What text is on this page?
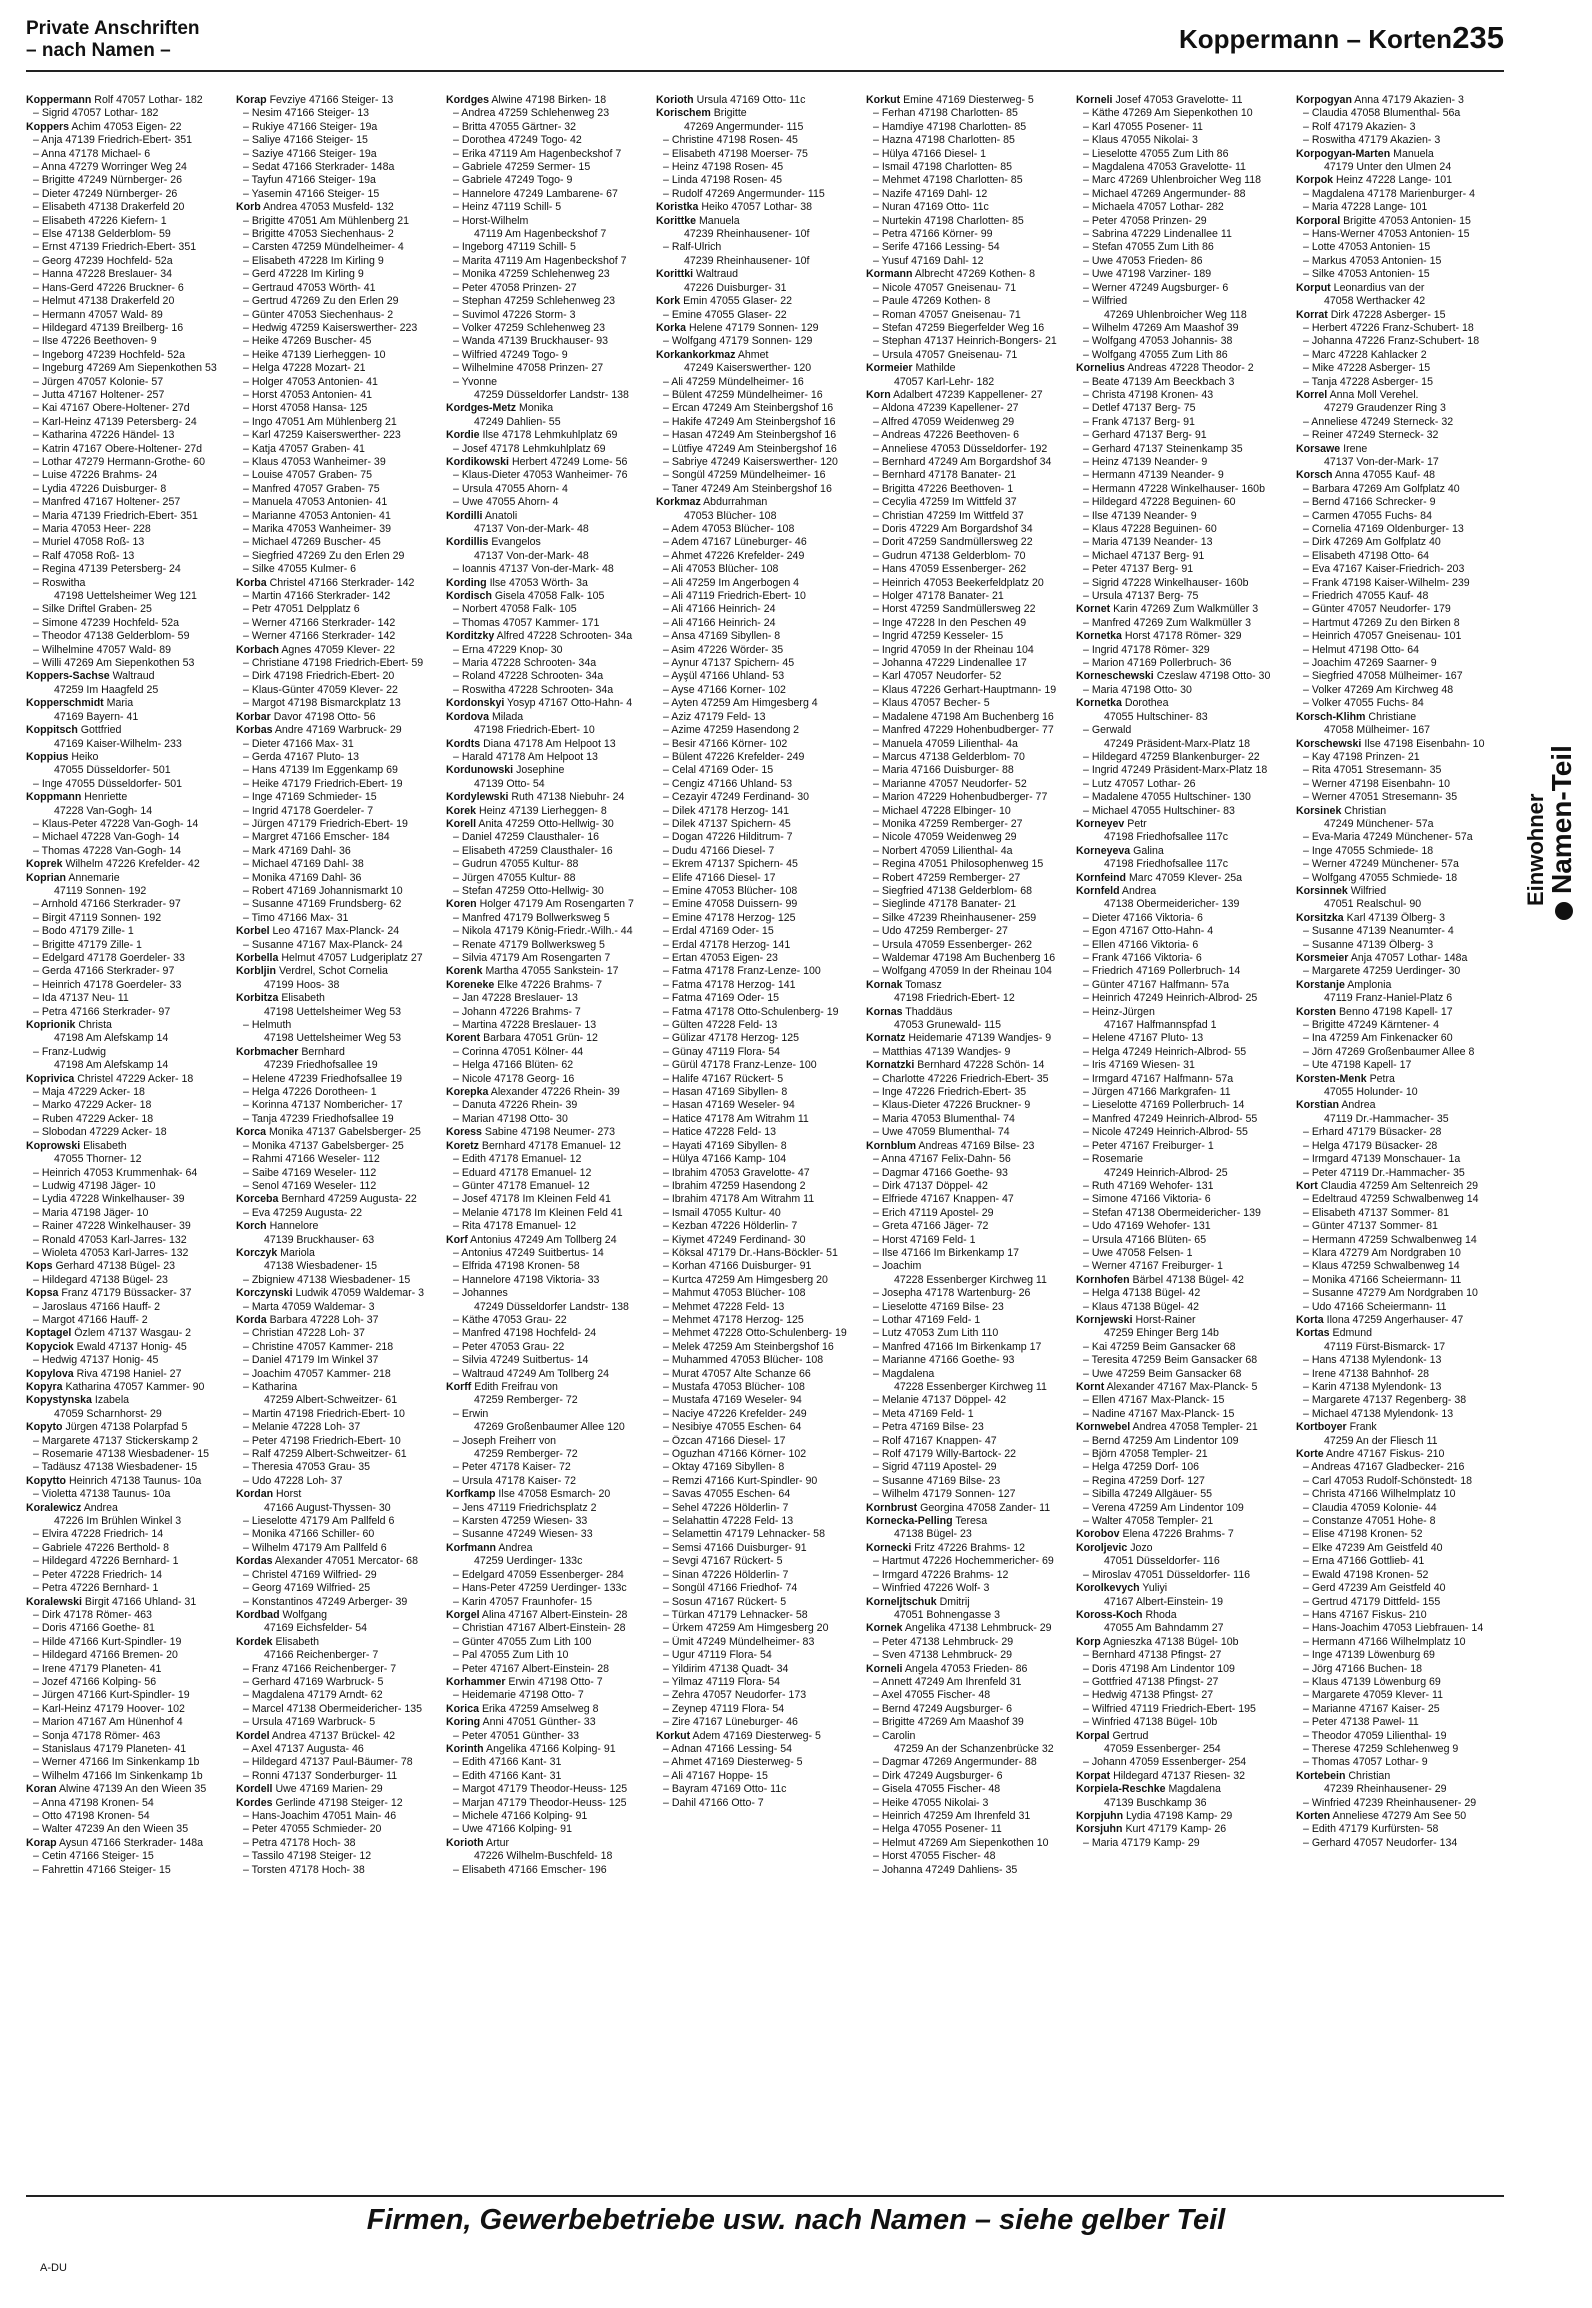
Private Anschriften
– nach Namen –	Koppermann – Korten 235
Koppermann Rolf 47057 Lothar- 182
– Sigrid 47057 Lothar- 182
Koppers Achim 47053 Eigen- 22
– Anja 47139 Friedrich-Ebert- 351
– Anna 47178 Michael- 6
– Anna 47279 Worringer Weg 24
– Brigitte 47249 Nürnberger- 26
– Dieter 47249 Nürnberger- 26
– Elisabeth 47138 Drakerfeld 20
– Elisabeth 47226 Kiefern- 1
– Else 47138 Gelderblom- 59
– Ernst 47139 Friedrich-Ebert- 351
– Georg 47239 Hochfeld- 52a
– Hanna 47228 Breslauer- 34
– Hans-Gerd 47226 Bruckner- 6
– Helmut 47138 Drakerfeld 20
– Hermann 47057 Wald- 89
– Hildegard 47139 Breilberg- 16
– Ilse 47226 Beethoven- 9
– Ingeborg 47239 Hochfeld- 52a
– Ingeburg 47269 Am Siepenkothen 53
– Jürgen 47057 Kolonie- 57
– Jutta 47167 Holtener- 257
– Kai 47167 Obere-Holtener- 27d
– Karl-Heinz 47139 Petersberg- 24
– Katharina 47226 Händel- 13
– Katrin 47167 Obere-Holtener- 27d
– Lothar 47279 Hermann-Grothe- 60
– Luise 47226 Brahms- 24
– Lydia 47226 Duisburger- 8
– Manfred 47167 Holtener- 257
– Maria 47139 Friedrich-Ebert- 351
– Maria 47053 Heer- 228
– Muriel 47058 Roß- 13
– Ralf 47058 Roß- 13
– Regina 47139 Petersberg- 24
– Roswitha
47198 Uettelsheimer Weg 121
– Silke Driftel Graben- 25
– Simone 47239 Hochfeld- 52a
– Theodor 47138 Gelderblom- 59
– Wilhelmine 47057 Wald- 89
– Willi 47269 Am Siepenkothen 53
Koppers-Sachse Waltraud
47259 Im Haagfeld 25
Kopperschmidt Maria
47169 Bayern- 41
Koppitsch Gottfried
47169 Kaiser-Wilhelm- 233
Koppius Heiko
47055 Düsseldorfer- 501
– Inge 47055 Düsseldorfer- 501
Koppmann Henriette
47228 Van-Gogh- 14
– Klaus-Peter 47228 Van-Gogh- 14
– Michael 47228 Van-Gogh- 14
– Thomas 47228 Van-Gogh- 14
Koprek Wilhelm 47226 Krefelder- 42
Koprian Annemarie
47119 Sonnen- 192
– Arnhold 47166 Sterkrader- 97
– Birgit 47119 Sonnen- 192
– Bodo 47179 Zille- 1
– Brigitte 47179 Zille- 1
– Edelgard 47178 Goerdeler- 33
– Gerda 47166 Sterkrader- 97
– Heinrich 47178 Goerdeler- 33
– Ida 47137 Neu- 11
– Petra 47166 Sterkrader- 97
Koprionik Christa
47198 Am Alefskamp 14
– Franz-Ludwig
47198 Am Alefskamp 14
Koprivica Christel 47229 Acker- 18
– Maja 47229 Acker- 18
– Marko 47229 Acker- 18
– Ruben 47229 Acker- 18
– Slobodan 47229 Acker- 18
Koprowski Elisabeth
47055 Thorner- 12
– Heinrich 47053 Krummenhak- 64
– Ludwig 47198 Jäger- 10
– Lydia 47228 Winkelhauser- 39
– Maria 47198 Jäger- 10
– Rainer 47228 Winkelhauser- 39
– Ronald 47053 Karl-Jarres- 132
– Wioleta 47053 Karl-Jarres- 132
Kops Gerhard 47138 Bügel- 23
– Hildegard 47138 Bügel- 23
Kopsa Franz 47179 Büssacker- 37
– Jaroslaus 47166 Hauff- 2
– Margot 47166 Hauff- 2
Koptagel Özlem 47137 Wasgau- 2
Kopyciok Ewald 47137 Honig- 45
– Hedwig 47137 Honig- 45
Kopylova Riva 47198 Haniel- 27
Kopyra Katharina 47057 Kammer- 90
Kopystynska Izabela
47059 Scharnhorst- 29
Kopyto Jürgen 47138 Polarpfad 5
– Margarete 47137 Stickerskamp 2
– Rosemarie 47138 Wiesbadener- 15
– Tadäusz 47138 Wiesbadener- 15
Kopytto Heinrich 47138 Taunus- 10a
– Violetta 47138 Taunus- 10a
Koralewicz Andrea
47226 Im Brühlen Winkel 3
– Elvira 47228 Friedrich- 14
– Gabriele 47226 Berthold- 8
– Hildegard 47226 Bernhard- 1
– Peter 47228 Friedrich- 14
– Petra 47226 Bernhard- 1
Koralewski Birgit 47166 Uhland- 31
– Dirk 47178 Römer- 463
– Doris 47166 Goethe- 81
– Hilde 47166 Kurt-Spindler- 19
– Hildegard 47166 Bremen- 20
– Irene 47179 Planeten- 41
– Jozef 47166 Kolping- 56
– Jürgen 47166 Kurt-Spindler- 19
– Karl-Heinz 47179 Hoover- 102
– Marion 47167 Am Hünenhof 4
– Sonja 47178 Römer- 463
– Stanislaus 47179 Planeten- 41
– Werner 47166 Im Sinkenkamp 1b
– Wilhelm 47166 Im Sinkenkamp 1b
Koran Alwine 47139 An den Wieen 35
– Anna 47198 Kronen- 54
– Otto 47198 Kronen- 54
– Walter 47239 An den Wieen 35
Korap Aysun 47166 Sterkrader- 148a
– Cetin 47166 Steiger- 15
– Fahrettin 47166 Steiger- 15
Korap Fevziye 47166 Steiger- 13
– Nesim 47166 Steiger- 13
– Rukiye 47166 Steiger- 19a
– Saliye 47166 Steiger- 15
– Saziye 47166 Steiger- 19a
– Sedat 47166 Sterkrader- 148a
– Tayfun 47166 Steiger- 19a
– Yasemin 47166 Steiger- 15
Korb Andrea 47053 Musfeld- 132
– Brigitte 47051 Am Mühlenberg 21
– Brigitte 47053 Siechenhaus- 2
– Carsten 47259 Mündelheimer- 4
– Elisabeth 47228 Im Kirling 9
– Gerd 47228 Im Kirling 9
– Gertraud 47053 Wörth- 41
– Gertrud 47269 Zu den Erlen 29
– Günter 47053 Siechenhaus- 2
– Hedwig 47259 Kaiserswerther- 223
– Heike 47269 Buscher- 45
– Heike 47139 Lierheggen- 10
– Helga 47228 Mozart- 21
– Holger 47053 Antonien- 41
– Horst 47053 Antonien- 41
– Horst 47058 Hansa- 125
– Ingo 47051 Am Mühlenberg 21
– Karl 47259 Kaiserswerther- 223
– Katja 47057 Graben- 41
– Klaus 47053 Wanheimer- 39
– Louise 47057 Graben- 75
– Manfred 47057 Graben- 75
– Manuela 47053 Antonien- 41
– Marianne 47053 Antonien- 41
– Marika 47053 Wanheimer- 39
– Michael 47269 Buscher- 45
– Siegfried 47269 Zu den Erlen 29
– Silke 47055 Kulmer- 6
Korba Christel 47166 Sterkrader- 142
– Martin 47166 Sterkrader- 142
– Petr 47051 Delpplatz 6
– Werner 47166 Sterkrader- 142
– Werner 47166 Sterkrader- 142
Korbach Agnes 47059 Klever- 22
– Christiane 47198 Friedrich-Ebert- 59
– Dirk 47198 Friedrich-Ebert- 20
– Klaus-Günter 47059 Klever- 22
– Margot 47198 Bismarckplatz 13
Korbar Davor 47198 Otto- 56
Korbas Andre 47169 Warbruck- 29
– Dieter 47166 Max- 31
– Gerda 47167 Pluto- 13
– Hans 47139 Im Eggenkamp 69
– Heike 47179 Friedrich-Ebert- 19
– Inge 47169 Schmieder- 15
– Ingrid 47178 Goerdeler- 7
– Jürgen 47179 Friedrich-Ebert- 19
– Margret 47166 Emscher- 184
– Mark 47169 Dahl- 36
– Michael 47169 Dahl- 38
– Monika 47169 Dahl- 36
– Robert 47169 Johannismarkt 10
– Susanne 47169 Frundsberg- 62
– Timo 47166 Max- 31
Korbel Leo 47167 Max-Planck- 24
– Susanne 47167 Max-Planck- 24
Korbella Helmut 47057 Ludgeriplatz 27
Korbljin Verdrel, Schot Cornelia
47199 Hoos- 38
Korbitza Elisabeth
47198 Uettelsheimer Weg 53
– Helmuth
47198 Uettelsheimer Weg 53
Korbmacher Bernhard
47239 Friedhofsallee 19
– Helene 47239 Friedhofsallee 19
– Helga 47226 Dorotheen- 1
– Korinna 47137 Nombericher- 17
– Tanja 47239 Friedhofsallee 19
Korca Monika 47137 Gabelsberger- 25
– Monika 47137 Gabelsberger- 25
– Rahmi 47166 Weseler- 112
– Saibe 47169 Weseler- 112
– Senol 47169 Weseler- 112
Korceba Bernhard 47259 Augusta- 22
– Eva 47259 Augusta- 22
Korch Hannelore
47139 Bruckhauser- 63
Korczyk Mariola
47138 Wiesbadener- 15
– Zbigniew 47138 Wiesbadener- 15
Korczynski Ludwik 47059 Waldemar- 3
– Marta 47059 Waldemar- 3
Korda Barbara 47228 Loh- 37
– Christian 47228 Loh- 37
– Christine 47057 Kammer- 218
– Daniel 47179 Im Winkel 37
– Joachim 47057 Kammer- 218
– Katharina
47259 Albert-Schweitzer- 61
– Martin 47198 Friedrich-Ebert- 10
– Melanie 47228 Loh- 37
– Peter 47198 Friedrich-Ebert- 10
– Ralf 47259 Albert-Schweitzer- 61
– Theresia 47053 Grau- 35
– Udo 47228 Loh- 37
Kordan Horst
47166 August-Thyssen- 30
– Lieselotte 47179 Am Pallfeld 6
– Monika 47166 Schiller- 60
– Wilhelm 47179 Am Pallfeld 6
Kordas Alexander 47051 Mercator- 68
– Christel 47169 Wilfried- 29
– Georg 47169 Wilfried- 25
– Konstantinos 47249 Arberger- 39
Kordbad Wolfgang
47169 Eichsfelder- 54
Kordek Elisabeth
47166 Reichenberger- 7
– Franz 47166 Reichenberger- 7
– Gerhard 47169 Warbruck- 5
– Magdalena 47179 Arndt- 62
– Marcel 47138 Obermeidericher- 135
– Ursula 47169 Warbruck- 5
Kordel Andrea 47137 Brückel- 42
– Axel 47137 Augusta- 46
– Hildegard 47137 Paul-Bäumer- 78
– Ronni 47137 Sonderburger- 11
Kordell Uwe 47169 Marien- 29
Kordes Gerlinde 47198 Steiger- 12
– Hans-Joachim 47051 Main- 46
– Peter 47055 Schmieder- 20
– Petra 47178 Hoch- 38
– Tassilo 47198 Steiger- 12
– Torsten 47178 Hoch- 38
Kordges Alwine 47198 Birken- 18
– Andrea 47259 Schlehenweg 23
– Britta 47055 Gärtner- 32
– Dorothea 47249 Togo- 42
– Erika 47119 Am Hagenbeckshof 7
– Gabriele 47259 Sermer- 15
– Gabriele 47249 Togo- 9
– Hannelore 47249 Lambarene- 67
– Heinz 47119 Schill- 5
– Horst-Wilhelm
47119 Am Hagenbeckshof 7
– Ingeborg 47119 Schill- 5
– Marita 47119 Am Hagenbeckshof 7
– Monika 47259 Schlehenweg 23
– Peter 47058 Prinzen- 27
– Stephan 47259 Schlehenweg 23
– Suvimol 47226 Storm- 3
– Volker 47259 Schlehenweg 23
– Wanda 47139 Bruckhauser- 93
– Wilfried 47249 Togo- 9
– Wilhelmine 47058 Prinzen- 27
– Yvonne
47259 Düsseldorfer Landstr- 138
Kordges-Metz Monika
47249 Dahlien- 55
Kordie Ilse 47178 Lehmkuhlplatz 69
– Josef 47178 Lehmkuhlplatz 69
Kordikowski Herbert 47249 Lome- 56
– Klaus-Dieter 47053 Wanheimer- 76
– Ursula 47055 Ahorn- 4
– Uwe 47055 Ahorn- 4
Kordilli Anatoli
47137 Von-der-Mark- 48
Kordillis Evangelos
47137 Von-der-Mark- 48
– Ioannis 47137 Von-der-Mark- 48
Kording Ilse 47053 Wörth- 3a
Kordisch Gisela 47058 Falk- 105
– Norbert 47058 Falk- 105
– Thomas 47057 Kammer- 171
Korditzky Alfred 47228 Schrooten- 34a
– Erna 47229 Knop- 30
– Maria 47228 Schrooten- 34a
– Roland 47228 Schrooten- 34a
– Roswitha 47228 Schrooten- 34a
Kordonskyi Yosyp 47167 Otto-Hahn- 4
Kordova Milada
47198 Friedrich-Ebert- 10
Kordts Diana 47178 Am Helpoot 13
– Harald 47178 Am Helpoot 13
Kordunowski Josephine
47139 Otto- 54
Kordylewski Ruth 47138 Niebuhr- 24
Korek Heinz 47139 Lierheggen- 8
Korell Anita 47259 Otto-Hellwig- 30
– Daniel 47259 Clausthaler- 16
– Elisabeth 47259 Clausthaler- 16
– Gudrun 47055 Kultur- 88
– Jürgen 47055 Kultur- 88
– Stefan 47259 Otto-Hellwig- 30
Koren Holger 47179 Am Rosengarten 7
– Manfred 47179 Bollwerksweg 5
– Nikola 47179 König-Friedr.-Wilh.- 44
– Renate 47179 Bollwerksweg 5
– Silvia 47179 Am Rosengarten 7
Korenk Martha 47055 Sankstein- 17
Koreneke Elke 47226 Brahms- 7
– Jan 47228 Breslauer- 13
– Johann 47226 Brahms- 7
– Martina 47228 Breslauer- 13
Korent Barbara 47051 Grün- 12
– Corinna 47051 Kölner- 44
– Helga 47166 Blüten- 62
– Nicole 47178 Georg- 16
Korepka Alexander 47226 Rhein- 39
– Danuta 47226 Rhein- 39
– Marian 47198 Otto- 30
Koress Sabine 47198 Neumer- 273
Koretz Bernhard 47178 Emanuel- 12
– Edith 47178 Emanuel- 12
– Eduard 47178 Emanuel- 12
– Günter 47178 Emanuel- 12
– Josef 47178 Im Kleinen Feld 41
– Melanie 47178 Im Kleinen Feld 41
– Rita 47178 Emanuel- 12
Korf Antonius 47249 Am Tollberg 24
– Antonius 47249 Suitbertus- 14
– Elfrida 47198 Kronen- 58
– Hannelore 47198 Viktoria- 33
– Johannes
47249 Düsseldorfer Landstr- 138
– Käthe 47053 Grau- 22
– Manfred 47198 Hochfeld- 24
– Peter 47053 Grau- 22
– Silvia 47249 Suitbertus- 14
– Waltraud 47249 Am Tollberg 24
Korff Edith Freifrau von
47259 Remberger- 72
– Erwin
47269 Großenbaumer Allee 120
– Joseph Freiherr von
47259 Remberger- 72
– Peter 47178 Kaiser- 72
– Ursula 47178 Kaiser- 72
Korfkamp Ilse 47058 Esmarch- 20
– Jens 47119 Friedrichsplatz 2
– Karsten 47259 Wiesen- 33
– Susanne 47249 Wiesen- 33
Korfmann Andrea
47259 Uerdinger- 133c
– Edelgard 47059 Essenberger- 284
– Hans-Peter 47259 Uerdinger- 133c
– Karin 47057 Fraunhofer- 15
Korgel Alina 47167 Albert-Einstein- 28
– Christian 47167 Albert-Einstein- 28
– Günter 47055 Zum Lith 100
– Pal 47055 Zum Lith 10
– Peter 47167 Albert-Einstein- 28
Korhammer Erwin 47198 Otto- 7
– Heidemarie 47198 Otto- 7
Korica Erika 47259 Amselweg 8
Koring Anni 47051 Günther- 33
– Peter 47051 Günther- 33
Korinth Angelika 47166 Kolping- 91
– Edith 47166 Kant- 31
– Edith 47166 Kant- 31
– Margot 47179 Theodor-Heuss- 125
– Marjan 47179 Theodor-Heuss- 125
– Michele 47166 Kolping- 91
– Uwe 47166 Kolping- 91
Korioth Artur
47226 Wilhelm-Buschfeld- 18
– Elisabeth 47166 Emscher- 196
Korioth Ursula 47169 Otto- 11c
Korischem Brigitte
47269 Angermunder- 115
– Christine 47198 Rosen- 45
– Elisabeth 47198 Moerser- 75
– Heinz 47198 Rosen- 45
– Linda 47198 Rosen- 45
– Rudolf 47269 Angermunder- 115
Koristka Heiko 47057 Lothar- 38
Korittke Manuela
47239 Rheinhausener- 10f
– Ralf-Ulrich
47239 Rheinhausener- 10f
Korittki Waltraud
47226 Duisburger- 31
Kork Emin 47055 Glaser- 22
– Emine 47055 Glaser- 22
Korka Helene 47179 Sonnen- 129
– Wolfgang 47179 Sonnen- 129
Korkankorkmaz Ahmet
47249 Kaiserswerther- 120
– Ali 47259 Mündelheimer- 16
– Bülent 47259 Mündelheimer- 16
– Ercan 47249 Am Steinbergshof 16
– Hakife 47249 Am Steinbergshof 16
– Hasan 47249 Am Steinbergshof 16
– Lütfiye 47249 Am Steinbergshof 16
– Sabriye 47249 Kaiserswerther- 120
– Songül 47259 Mündelheimer- 16
– Taner 47249 Am Steinbergshof 16
Korkmaz Abdurrahman
47053 Blücher- 108
– Adem 47053 Blücher- 108
– Adem 47167 Lüneburger- 46
– Ahmet 47226 Krefelder- 249
– Ali 47053 Blücher- 108
– Ali 47259 Im Angerbogen 4
– Ali 47119 Friedrich-Ebert- 10
– Ali 47166 Heinrich- 24
– Ali 47166 Heinrich- 24
– Ansa 47169 Sibyllen- 8
– Asim 47226 Wörder- 35
– Aynur 47137 Spichern- 45
– Ayşül 47166 Uhland- 53
– Ayse 47166 Korner- 102
– Ayten 47259 Am Himgesberg 4
– Aziz 47179 Feld- 13
– Azime 47259 Hasendong 2
– Besir 47166 Körner- 102
– Bülent 47226 Krefelder- 249
– Celal 47169 Oder- 15
– Cengiz 47166 Uhland- 53
– Cezayir 47249 Ferdinand- 30
– Dilek 47178 Herzog- 141
– Dilek 47137 Spichern- 45
– Dogan 47226 Hilditrum- 7
– Dudu 47166 Diesel- 7
– Ekrem 47137 Spichern- 45
– Elife 47166 Diesel- 17
– Emine 47053 Blücher- 108
– Emine 47058 Duissern- 99
– Emine 47178 Herzog- 125
– Erdal 47169 Oder- 15
– Erdal 47178 Herzog- 141
– Ertan 47053 Eigen- 23
– Fatma 47178 Franz-Lenze- 100
– Fatma 47178 Herzog- 141
– Fatma 47169 Oder- 15
– Fatma 47178 Otto-Schulenberg- 19
– Gülten 47228 Feld- 13
– Gülizar 47178 Herzog- 125
– Günay 47119 Flora- 54
– Gürül 47178 Franz-Lenze- 100
– Halife 47167 Rückert- 5
– Hasan 47169 Sibyllen- 8
– Hasan 47169 Weseler- 94
– Hatice 47178 Am Witrahm 11
– Hatice 47228 Feld- 13
– Hayati 47169 Sibyllen- 8
– Hülya 47166 Kamp- 104
– Ibrahim 47053 Gravelotte- 47
– Ibrahim 47259 Hasendong 2
– Ibrahim 47178 Am Witrahm 11
– Ismail 47055 Kultur- 40
– Kezban 47226 Hölderlin- 7
– Kiymet 47249 Ferdinand- 30
– Köksal 47179 Dr.-Hans-Böckler- 51
– Korhan 47166 Duisburger- 91
– Kurtca 47259 Am Himgesberg 20
– Mahmut 47053 Blücher- 108
– Mehmet 47228 Feld- 13
– Mehmet 47178 Herzog- 125
– Mehmet 47228 Otto-Schulenberg- 19
– Melek 47259 Am Steinbergshof 16
– Muhammed 47053 Blücher- 108
– Murat 47057 Alte Schanze 66
– Mustafa 47053 Blücher- 108
– Mustafa 47169 Weseler- 94
– Naciye 47226 Krefelder- 249
– Nesibiye 47055 Eschen- 64
– Özcan 47166 Diesel- 17
– Oguzhan 47166 Körner- 102
– Oktay 47169 Sibyllen- 8
– Remzi 47166 Kurt-Spindler- 90
– Savas 47055 Eschen- 64
– Sehel 47226 Hölderlin- 7
– Selahattin 47228 Feld- 13
– Selamettin 47179 Lehnacker- 58
– Semsi 47166 Duisburger- 91
– Sevgi 47167 Rückert- 5
– Sinan 47226 Hölderlin- 7
– Songül 47166 Friedhof- 74
– Sosun 47167 Rückert- 5
– Türkan 47179 Lehnacker- 58
– Ürkem 47259 Am Himgesberg 20
– Ümit 47249 Mündelheimer- 83
– Ugur 47119 Flora- 54
– Yildirim 47138 Quadt- 34
– Yilmaz 47119 Flora- 54
– Zehra 47057 Neudorfer- 173
– Zeynep 47119 Flora- 54
– Zire 47167 Lüneburger- 46
Korkut Adem 47169 Diesterweg- 5
– Adnan 47166 Lessing- 54
– Ahmet 47169 Diesterweg- 5
– Ali 47167 Hoppe- 15
– Bayram 47169 Otto- 11c
– Dahil 47166 Otto- 7
Korkut Emine 47169 Diesterweg- 5
– Ferhan 47198 Charlotten- 85
– Hamdiye 47198 Charlotten- 85
– Hazna 47198 Charlotten- 85
– Hülya 47166 Diesel- 1
– Ismail 47198 Charlotten- 85
– Mehmet 47198 Charlotten- 85
– Nazife 47169 Dahl- 12
– Nuran 47169 Otto- 11c
– Nurtekin 47198 Charlotten- 85
– Petra 47166 Körner- 99
– Serife 47166 Lessing- 54
– Yusuf 47169 Dahl- 12
Kormann Albrecht 47269 Kothen- 8
– Nicole 47057 Gneisenau- 71
– Paule 47269 Kothen- 8
– Roman 47057 Gneisenau- 71
– Stefan 47259 Biegerfelder Weg 16
– Stephan 47137 Heinrich-Bongers- 21
– Ursula 47057 Gneisenau- 71
Kormeier Mathilde
47057 Karl-Lehr- 182
Korn Adalbert 47239 Kappellener- 27
– Aldona 47239 Kapellener- 27
– Alfred 47059 Weidenweg 29
– Andreas 47226 Beethoven- 6
– Anneliese 47053 Düsseldorfer- 192
– Bernhard 47249 Am Borgardshof 34
– Bernhard 47178 Banater- 21
– Brigitta 47226 Beethoven- 1
– Cecylia 47259 Im Wittfeld 37
– Christian 47259 Im Wittfeld 37
– Doris 47229 Am Borgardshof 34
– Dorit 47259 Sandmüllersweg 22
– Gudrun 47138 Gelderblom- 70
– Hans 47059 Essenberger- 262
– Heinrich 47053 Beekerfeldplatz 20
– Holger 47178 Banater- 21
– Horst 47259 Sandmüllersweg 22
– Inge 47228 In den Peschen 49
– Ingrid 47259 Kesseler- 15
– Ingrid 47059 In der Rheinau 104
– Johanna 47229 Lindenallee 17
– Karl 47057 Neudorfer- 52
– Klaus 47226 Gerhart-Hauptmann- 19
– Klaus 47057 Becher- 5
– Madalene 47198 Am Buchenberg 16
– Manfred 47229 Hohenbudberger- 77
– Manuela 47059 Lilienthal- 4a
– Marcus 47138 Gelderblom- 70
– Maria 47166 Duisburger- 88
– Marianne 47057 Neudorfer- 52
– Marion 47229 Hohenbudberger- 77
– Michael 47228 Elbinger- 10
– Monika 47259 Remberger- 27
– Nicole 47059 Weidenweg 29
– Norbert 47059 Lilienthal- 4a
– Regina 47051 Philosophenweg 15
– Robert 47259 Remberger- 27
– Siegfried 47138 Gelderblom- 68
– Sieglinde 47178 Banater- 21
– Silke 47239 Rheinhausener- 259
– Udo 47259 Remberger- 27
– Ursula 47059 Essenberger- 262
– Waldemar 47198 Am Buchenberg 16
– Wolfgang 47059 In der Rheinau 104
Kornak Tomasz
47198 Friedrich-Ebert- 12
Kornas Thaddäus
47053 Grunewald- 115
Kornatz Heidemarie 47139 Wandjes- 9
– Matthias 47139 Wandjes- 9
Kornatzki Bernhard 47228 Schön- 14
– Charlotte 47226 Friedrich-Ebert- 35
– Inge 47226 Friedrich-Ebert- 35
– Klaus-Dieter 47226 Bruckner- 9
– Maria 47053 Blumenthal- 74
– Uwe 47059 Blumenthal- 74
Kornblum Andreas 47169 Bilse- 23
– Anna 47167 Felix-Dahn- 56
– Dagmar 47166 Goethe- 93
– Dirk 47137 Döppel- 42
– Elfriede 47167 Knappen- 47
– Erich 47119 Apostel- 29
– Greta 47166 Jäger- 72
– Horst 47169 Feld- 1
– Ilse 47166 Im Birkenkamp 17
– Joachim
47228 Essenberger Kirchweg 11
– Josepha 47178 Wartenburg- 26
– Lieselotte 47169 Bilse- 23
– Lothar 47169 Feld- 1
– Lutz 47053 Zum Lith 110
– Manfred 47166 Im Birkenkamp 17
– Marianne 47166 Goethe- 93
– Magdalena
47228 Essenberger Kirchweg 11
– Melanie 47137 Döppel- 42
– Meta 47169 Feld- 1
– Petra 47169 Bilse- 23
– Rolf 47167 Knappen- 47
– Rolf 47179 Willy-Bartock- 22
– Sigrid 47119 Apostel- 29
– Susanne 47169 Bilse- 23
– Wilhelm 47179 Sonnen- 127
Kornbrust Georgina 47058 Zander- 11
Kornecka-Pelling Teresa
47138 Bügel- 23
Kornecki Fritz 47226 Brahms- 12
– Hartmut 47226 Hochemmericher- 69
– Irmgard 47226 Brahms- 12
– Winfried 47226 Wolf- 3
Korneljtschuk Dmitrij
47051 Bohnengasse 3
Kornek Angelika 47138 Lehmbruck- 29
– Peter 47138 Lehmbruck- 29
– Sven 47138 Lehmbruck- 29
Korneli Angela 47053 Frieden- 86
– Annett 47249 Am Ihrenfeld 31
– Axel 47055 Fischer- 48
– Bernd 47249 Augsburger- 6
– Brigitte 47269 Am Maashof 39
– Carolin
47259 An der Schanzenbrücke 32
– Dagmar 47269 Angermunder- 88
– Dirk 47249 Augsburger- 6
– Gisela 47055 Fischer- 48
– Heike 47055 Nikolai- 3
– Heinrich 47259 Am Ihrenfeld 31
– Helga 47055 Posener- 11
– Helmut 47269 Am Siepenkothen 10
– Horst 47055 Fischer- 48
– Johanna 47249 Dahliens- 35
Korneli Josef 47053 Gravelotte- 11
– Käthe 47269 Am Siepenkothen 10
– Karl 47055 Posener- 11
– Klaus 47055 Nikolai- 3
– Lieselotte 47055 Zum Lith 86
– Magdalena 47053 Gravelotte- 11
– Marc 47269 Uhlenbroicher Weg 118
– Michael 47269 Angermunder- 88
– Michaela 47057 Lothar- 282
– Peter 47058 Prinzen- 29
– Sabrina 47229 Lindenallee 11
– Stefan 47055 Zum Lith 86
– Uwe 47053 Frieden- 86
– Uwe 47198 Varziner- 189
– Werner 47249 Augsburger- 6
– Wilfried
47269 Uhlenbroicher Weg 118
– Wilhelm 47269 Am Maashof 39
– Wolfgang 47053 Johannis- 38
– Wolfgang 47055 Zum Lith 86
Kornelius Andreas 47228 Theodor- 2
– Beate 47139 Am Beeckbach 3
– Christa 47198 Kronen- 43
– Detlef 47137 Berg- 75
– Frank 47137 Berg- 91
– Gerhard 47137 Berg- 91
– Gerhard 47137 Steinenkamp 35
– Heinz 47139 Neander- 9
– Hermann 47139 Neander- 9
– Hermann 47228 Winkelhauser- 160b
– Hildegard 47228 Beguinen- 60
– Ilse 47139 Neander- 9
– Klaus 47228 Beguinen- 60
– Maria 47139 Neander- 13
– Michael 47137 Berg- 91
– Peter 47137 Berg- 91
– Sigrid 47228 Winkelhauser- 160b
– Ursula 47137 Berg- 75
Kornet Karin 47269 Zum Walkmüller 3
– Manfred 47269 Zum Walkmüller 3
Kornetka Horst 47178 Römer- 329
– Ingrid 47178 Römer- 329
– Marion 47169 Pollerbruch- 36
Korneschewski Czeslaw 47198 Otto- 30
– Maria 47198 Otto- 30
Kornetka Dorothea
47055 Hultschiner- 83
– Gerwald
47249 Präsident-Marx-Platz 18
– Hildegard 47259 Blankenburger- 22
– Ingrid 47249 Präsident-Marx-Platz 18
– Lutz 47057 Lothar- 26
– Madalene 47055 Hultschiner- 130
– Michael 47055 Hultschiner- 83
Korneyev Petr
47198 Friedhofsallee 117c
Korneyeva Galina
47198 Friedhofsallee 117c
Kornfeind Marc 47059 Klever- 25a
Kornfeld Andrea
47138 Obermeidericher- 139
– Dieter 47166 Viktoria- 6
– Egon 47167 Otto-Hahn- 4
– Ellen 47166 Viktoria- 6
– Frank 47166 Viktoria- 6
– Friedrich 47169 Pollerbruch- 14
– Günter 47167 Halfmann- 57a
– Heinrich 47249 Heinrich-Albrod- 25
– Heinz-Jürgen
47167 Halfmannspfad 1
– Helene 47167 Pluto- 13
– Helga 47249 Heinrich-Albrod- 55
– Iris 47169 Wiesen- 31
– Irmgard 47167 Halfmann- 57a
– Jürgen 47166 Markgrafen- 11
– Lieselotte 47169 Pollerbruch- 14
– Manfred 47249 Heinrich-Albrod- 55
– Nicole 47249 Heinrich-Albrod- 55
– Peter 47167 Freiburger- 1
– Rosemarie
47249 Heinrich-Albrod- 25
– Ruth 47169 Wehofer- 131
– Simone 47166 Viktoria- 6
– Stefan 47138 Obermeidericher- 139
– Udo 47169 Wehofer- 131
– Ursula 47166 Blüten- 65
– Uwe 47058 Felsen- 1
– Werner 47167 Freiburger- 1
Kornhofen Bärbel 47138 Bügel- 42
– Helga 47138 Bügel- 42
– Klaus 47138 Bügel- 42
Kornjewski Horst-Rainer
47259 Ehinger Berg 14b
– Kai 47259 Beim Gansacker 68
– Teresita 47259 Beim Gansacker 68
– Uwe 47259 Beim Gansacker 68
Kornt Alexander 47167 Max-Planck- 5
– Ellen 47167 Max-Planck- 15
– Nadine 47167 Max-Planck- 15
Kornwebel Andrea 47058 Templer- 21
– Bernd 47259 Am Lindentor 109
– Björn 47058 Templer- 21
– Helga 47259 Dorf- 106
– Regina 47259 Dorf- 127
– Sibilla 47249 Allgäuer- 55
– Verena 47259 Am Lindentor 109
– Walter 47058 Templer- 21
Korobov Elena 47226 Brahms- 7
Koroljevic Jozo
47051 Düsseldorfer- 116
– Miroslav 47051 Düsseldorfer- 116
Korolkevych Yuliyi
47167 Albert-Einstein- 19
Koross-Koch Rhoda
47055 Am Bahndamm 27
Korp Agnieszka 47138 Bügel- 10b
– Bernhard 47138 Pfingst- 27
– Doris 47198 Am Lindentor 109
– Gottfried 47138 Pfingst- 27
– Hedwig 47138 Pfingst- 27
– Wilfried 47119 Friedrich-Ebert- 195
– Winfried 47138 Bügel- 10b
Korpal Gertrud
47059 Essenberger- 254
– Johann 47059 Essenberger- 254
Korpat Hildegard 47137 Riesen- 32
Korpiela-Reschke Magdalena
47139 Buschkamp 36
Korpjuhn Lydia 47198 Kamp- 29
Korsjuhn Kurt 47179 Kamp- 26
– Maria 47179 Kamp- 29
Korpogyan Anna 47179 Akazien- 3
– Claudia 47058 Blumenthal- 56a
– Rolf 47179 Akazien- 3
– Roswitha 47179 Akazien- 3
Korpogyan-Marten Manuela
47179 Unter den Ulmen 24
Korpok Heinz 47228 Lange- 101
– Magdalena 47178 Marienburger- 4
– Maria 47228 Lange- 101
Korporal Brigitte 47053 Antonien- 15
– Hans-Werner 47053 Antonien- 15
– Lotte 47053 Antonien- 15
– Markus 47053 Antonien- 15
– Silke 47053 Antonien- 15
Korput Leonardius van der
47058 Werthacker 42
Korrat Dirk 47228 Asberger- 15
– Herbert 47226 Franz-Schubert- 18
– Johanna 47226 Franz-Schubert- 18
– Marc 47228 Kahlacker 2
– Mike 47228 Asberger- 15
– Tanja 47228 Asberger- 15
Korrel Anna Moll Verehel.
47279 Graudenzer Ring 3
– Anneliese 47249 Sterneck- 32
– Reiner 47249 Sterneck- 32
Korsawe Irene
47137 Von-der-Mark- 17
Korsch Anna 47055 Kauf- 48
– Barbara 47269 Am Golfplatz 40
– Bernd 47166 Schrecker- 9
– Carmen 47055 Fuchs- 84
– Cornelia 47169 Oldenburger- 13
– Dirk 47269 Am Golfplatz 40
– Elisabeth 47198 Otto- 64
– Eva 47167 Kaiser-Friedrich- 203
– Frank 47198 Kaiser-Wilhelm- 239
– Friedrich 47055 Kauf- 48
– Günter 47057 Neudorfer- 179
– Hartmut 47269 Zu den Birken 8
– Heinrich 47057 Gneisenau- 101
– Helmut 47198 Otto- 64
– Joachim 47269 Saarner- 9
– Siegfried 47058 Mülheimer- 167
– Volker 47269 Am Kirchweg 48
– Volker 47055 Fuchs- 84
Korsch-Klihm Christiane
47058 Mülheimer- 167
Korschewski Ilse 47198 Eisenbahn- 10
– Kay 47198 Prinzen- 21
– Rita 47051 Stresemann- 35
– Werner 47198 Eisenbahn- 10
– Werner 47051 Stresemann- 35
Korsinek Christian
47249 Münchener- 57a
– Eva-Maria 47249 Münchener- 57a
– Inge 47055 Schmiede- 18
– Werner 47249 Münchener- 57a
– Wolfgang 47055 Schmiede- 18
Korsinnek Wilfried
47051 Realschul- 90
Korsitzka Karl 47139 Ölberg- 3
– Susanne 47139 Neanumter- 4
– Susanne 47139 Ölberg- 3
Korsmeier Anja 47057 Lothar- 148a
– Margarete 47259 Uerdinger- 30
Korstanje Amplonia
47119 Franz-Haniel-Platz 6
Korsten Benno 47198 Kapell- 17
– Brigitte 47249 Kärntener- 4
– Ina 47259 Am Finkenacker 60
– Jörn 47269 Großenbaumer Allee 8
– Ute 47198 Kapell- 17
Korsten-Menk Petra
47055 Holunder- 10
Korstian Andrea
47119 Dr.-Hammacher- 35
– Erhard 47179 Büsacker- 28
– Helga 47179 Büsacker- 28
– Irmgard 47139 Monschauer- 1a
– Peter 47119 Dr.-Hammacher- 35
Kort Claudia 47259 Am Seltenreich 29
– Edeltraud 47259 Schwalbenweg 14
– Elisabeth 47137 Sommer- 81
– Günter 47137 Sommer- 81
– Hermann 47259 Schwalbenweg 14
– Klara 47279 Am Nordgraben 10
– Klaus 47259 Schwalbenweg 14
– Monika 47166 Scheiermann- 11
– Susanne 47279 Am Nordgraben 10
– Udo 47166 Scheiermann- 11
Korta Ilona 47259 Angerhauser- 47
Kortas Edmund
47119 Fürst-Bismarck- 17
– Hans 47138 Mylendonk- 13
– Irene 47138 Bahnhof- 28
– Karin 47138 Mylendonk- 13
– Margarete 47137 Regenberg- 38
– Michael 47138 Mylendonk- 13
Kortboyer Frank
47259 An der Fliesch 11
Korte Andre 47167 Fiskus- 210
– Andreas 47167 Gladbecker- 216
– Carl 47053 Rudolf-Schönstedt- 18
– Christa 47166 Wilhelmplatz 10
– Claudia 47059 Kolonie- 44
– Constanze 47051 Hohe- 8
– Elise 47198 Kronen- 52
– Elke 47239 Am Geistfeld 40
– Erna 47166 Gottlieb- 41
– Ewald 47198 Kronen- 52
– Gerd 47239 Am Geistfeld 40
– Gertrud 47179 Dittfeld- 155
– Hans 47167 Fiskus- 210
– Hans-Joachim 47053 Liebfrauen- 14
– Hermann 47166 Wilhelmplatz 10
– Inge 47139 Löwenburg 69
– Jörg 47166 Buchen- 18
– Klaus 47139 Löwenburg 69
– Margarete 47059 Klever- 11
– Marianne 47167 Kaiser- 25
– Peter 47138 Pawel- 11
– Theodor 47059 Lilienthal- 19
– Therese 47259 Schlehenweg 9
– Thomas 47057 Lothar- 9
Kortebein Christian
47239 Rheinhausener- 29
– Winfried 47239 Rheinhausener- 29
Korten Anneliese 47279 Am See 50
– Edith 47179 Kurfürsten- 58
– Gerhard 47057 Neudorfer- 134
Einwohner
Namen-Teil
Firmen, Gewerbebetriebe usw. nach Namen – siehe gelber Teil
A-DU
